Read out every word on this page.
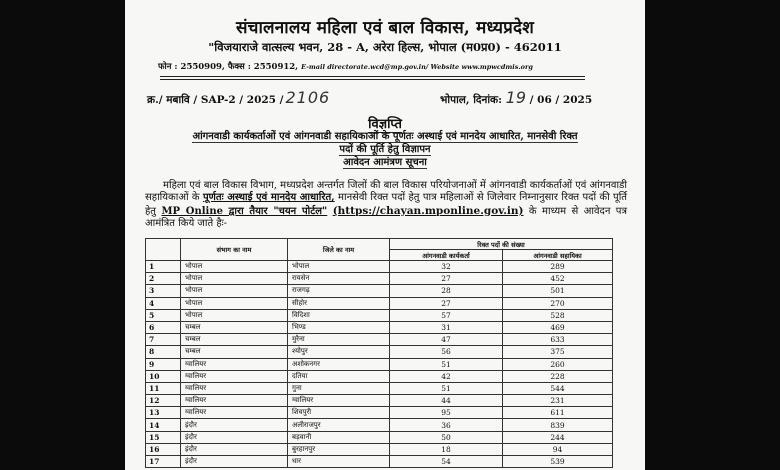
संचालनालय महिला एवं बाल विकास, मध्यप्रदेश
"विजयाराजे वात्सल्य भवन, 28 - A, अरेरा हिल्स, भोपाल (म0प्र0) - 462011
फोन : 2550909, फैक्स : 2550912, E-mail directorate.wcd@mp.gov.in/ Website www.mpwcdmis.org
क्र./ मबावि / SAP-2 / 2025 / 2106	भोपाल, दिनांक: 19 / 06 / 2025
विज्ञप्ति
आंगनवाडी कार्यकर्ताओं एवं आंगनवाडी सहायिकाओं के पूर्णतः अस्थाई एवं मानदेय आधारित, मानसेवी रिक्त
पदों की पूर्ति हेतु विज्ञापन
आवेदन आमंत्रण सूचना
महिला एवं बाल विकास विभाग, मध्यप्रदेश अन्तर्गत जिलों की बाल विकास परियोजनाओं में आंगनवाडी कार्यकर्ताओं एवं आंगनवाडी सहायिकाओं के पूर्णतः अस्थाई एवं मानदेय आधारित, मानसेवी रिक्त पदों हेतु पात्र महिलाओं से जिलेवार निम्नानुसार रिक्त पदों की पूर्ति हेतु MP Online द्वारा तैयार "चयन पोर्टल" (https://chayan.mponline.gov.in) के माध्यम से आवेदन पत्र आमंत्रित किये जाते हैः-
	संभाग का नाम	जिले का नाम	रिक्त पदों की संख्या	
			आंगनवाडी कार्यकर्ता	आंगनवाडी सहायिका
1	भोपाल	भोपाल	32	289
2	भोपाल	रायसेन	27	452
3	भोपाल	राजगढ़	28	501
4	भोपाल	सीहोर	27	270
5	भोपाल	विदिशा	57	528
6	चम्बल	भिण्ड	31	469
7	चम्बल	मुरैना	47	633
8	चम्बल	श्योपुर	56	375
9	ग्वालियर	अशोकनगर	51	260
10	ग्वालियर	दतिया	42	228
11	ग्वालियर	गुना	51	544
12	ग्वालियर	ग्वालियर	44	231
13	ग्वालियर	शिवपुरी	95	611
14	इंदौर	अलीराजपुर	36	839
15	इंदौर	बड़वानी	50	244
16	इंदौर	बुरहानपुर	18	94
17	इंदौर	धार	54	539
